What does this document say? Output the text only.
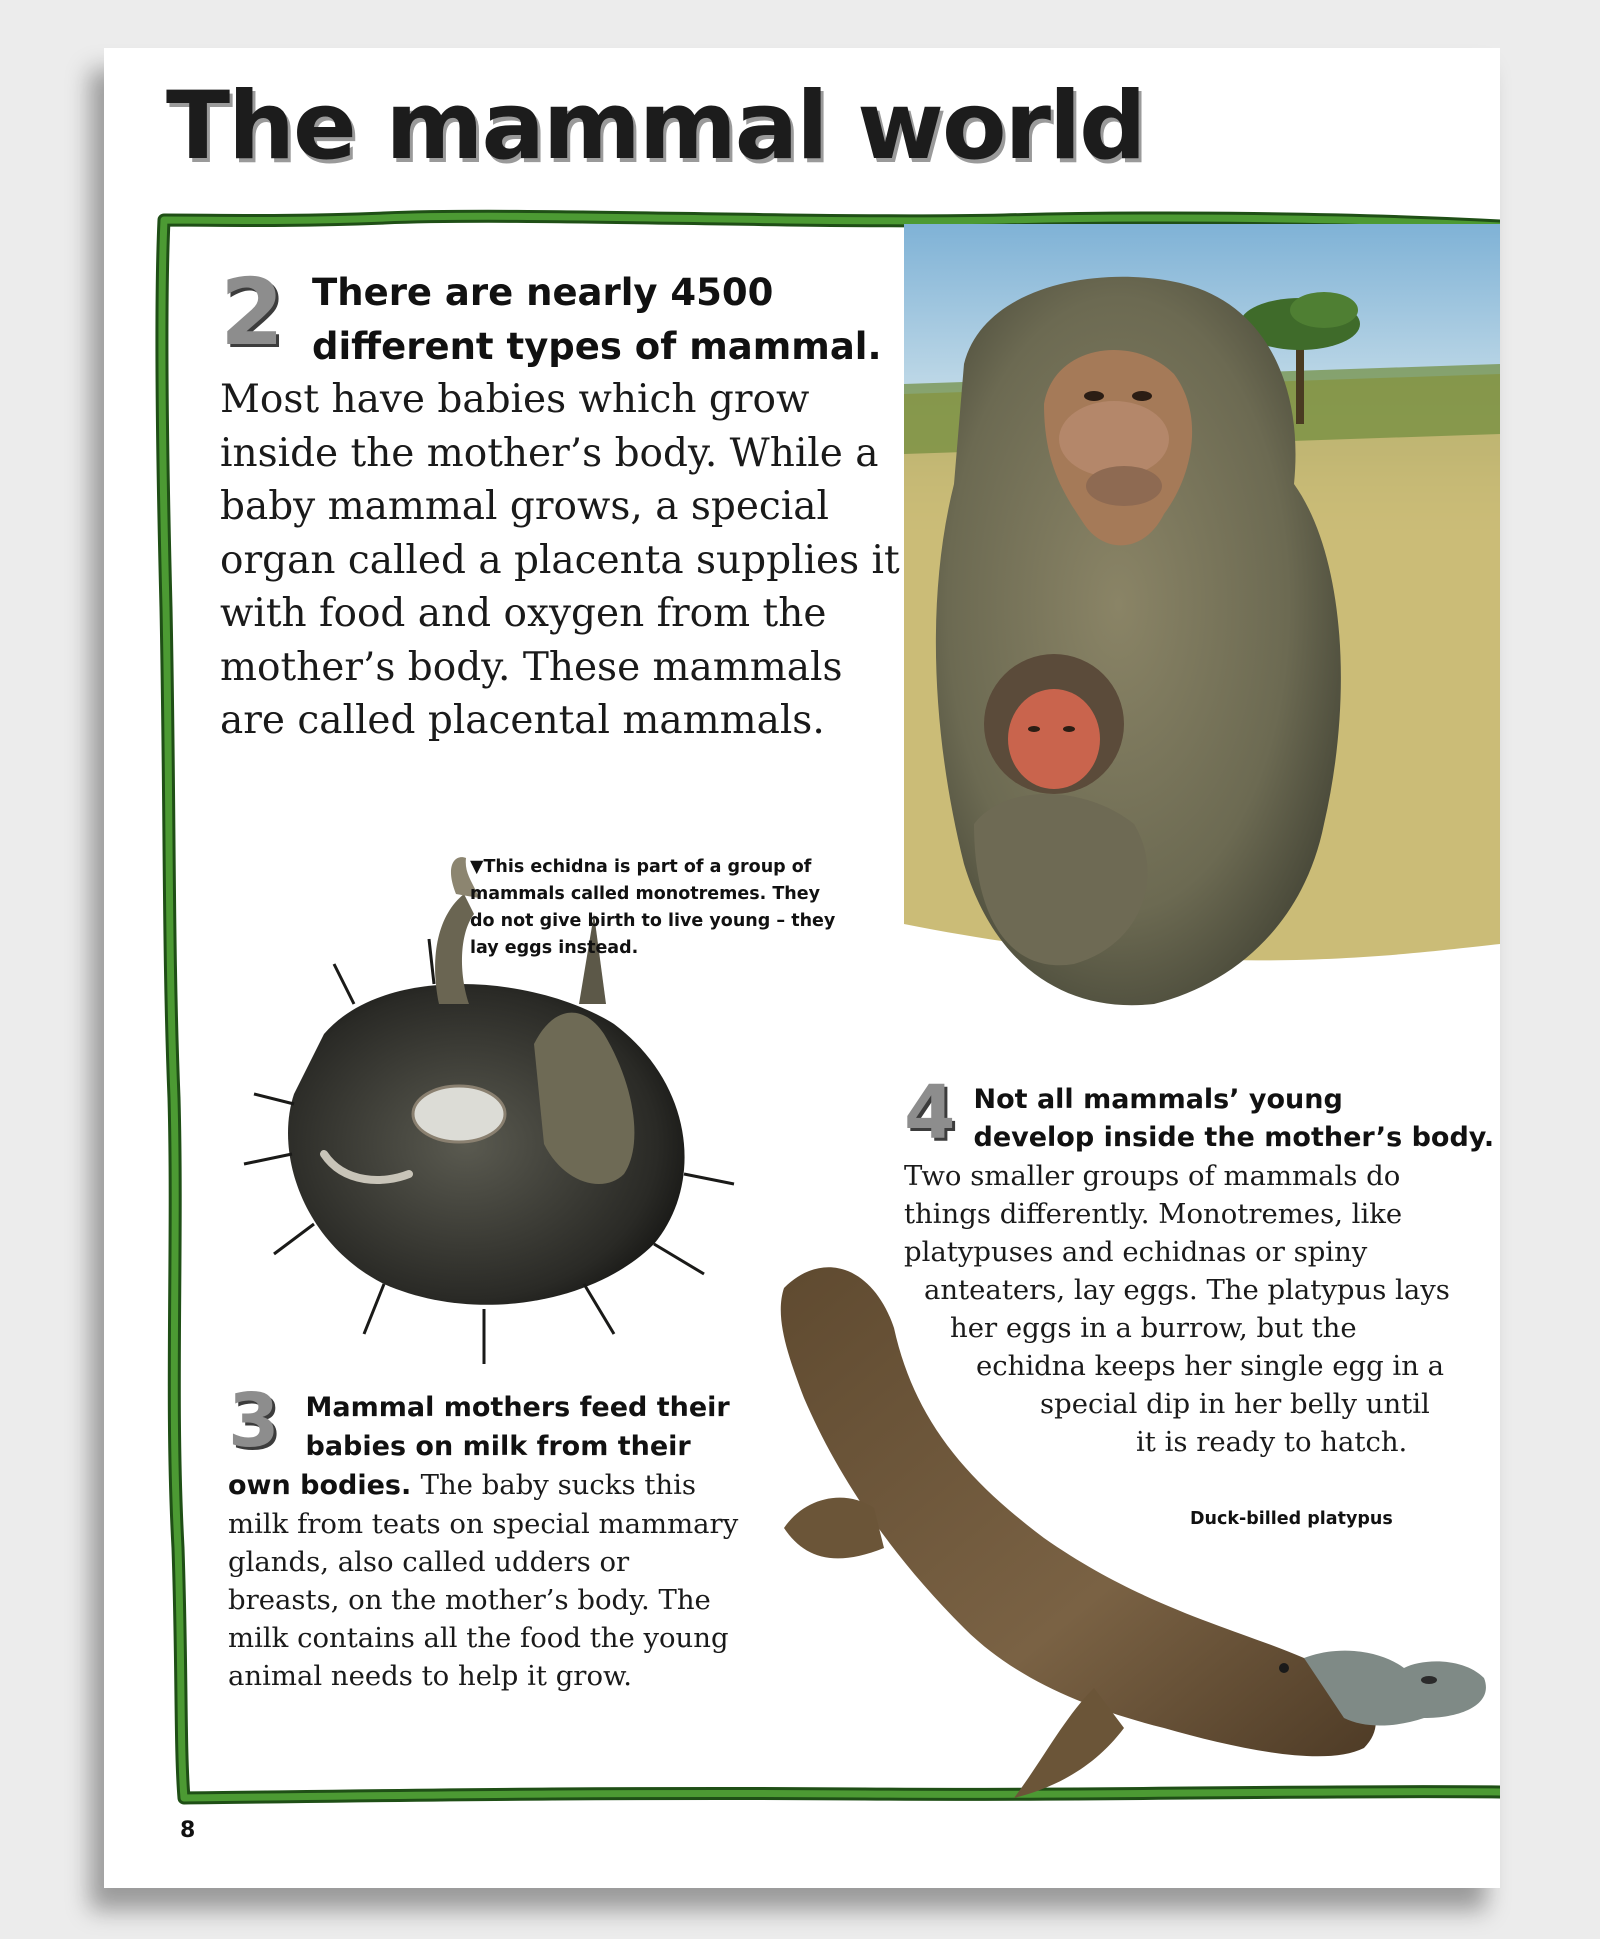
The mammal world
2 There are nearly 4500 different types of mammal. Most have babies which grow inside the mother’s body. While a baby mammal grows, a special organ called a placenta supplies it with food and oxygen from the mother’s body. These mammals are called placental mammals.
▼This echidna is part of a group of mammals called monotremes. They do not give birth to live young – they lay eggs instead.
4 Not all mammals’ young
develop inside the mother’s body.
Two smaller groups of mammals do
things differently. Monotremes, like
platypuses and echidnas or spiny
anteaters, lay eggs. The platypus lays
her eggs in a burrow, but the
echidna keeps her single egg in a
special dip in her belly until
it is ready to hatch.
Duck-billed platypus
3 Mammal mothers feed their babies on milk from their own bodies. The baby sucks this milk from teats on special mammary glands, also called udders or breasts, on the mother’s body. The milk contains all the food the young animal needs to help it grow.
8
